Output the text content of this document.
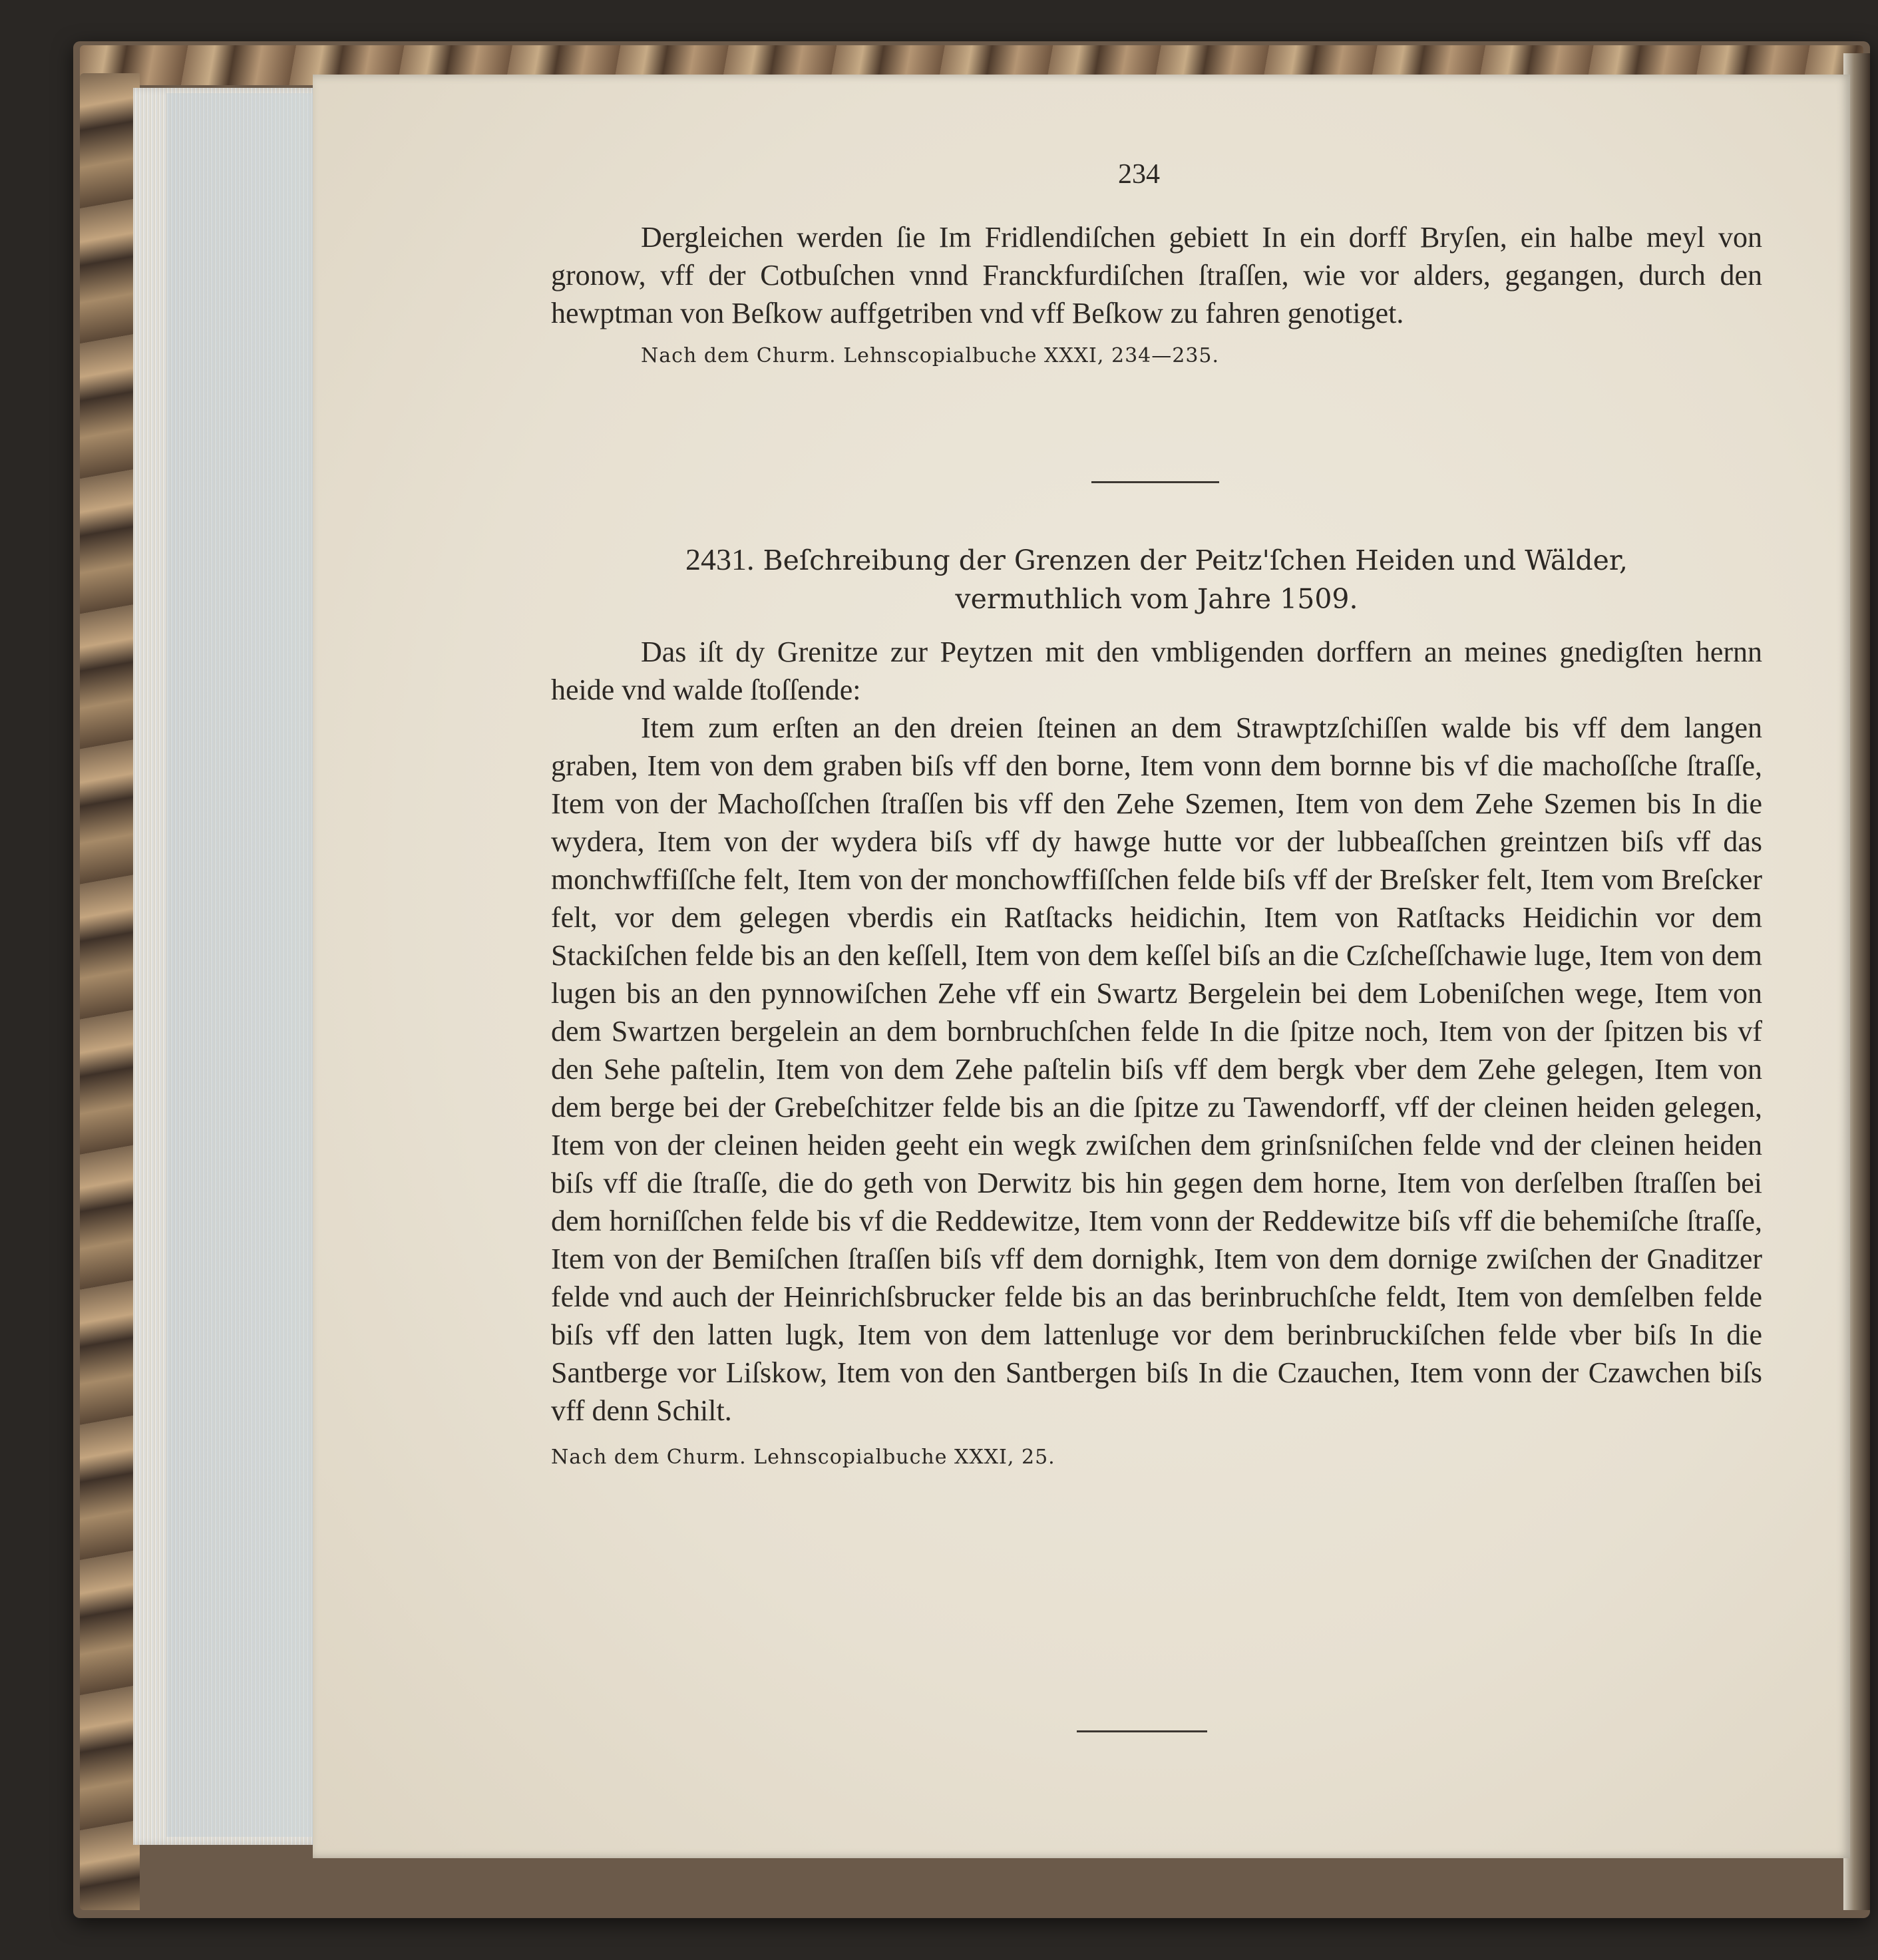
234

Dergleichen werden ſie Im Fridlendiſchen gebiett In ein dorff Bryſen, ein halbe meyl von gronow, vff der Cotbuſchen vnnd Franckfurdiſchen ſtraſſen, wie vor alders, gegangen, durch den hewptman von Beſkow auffgetriben vnd vff Beſkow zu fahren genotiget.

Nach dem Churm. Lehnscopialbuche XXXI, 234—235.

2431. Beſchreibung der Grenzen der Peitz'ſchen Heiden und Wälder,

vermuthlich vom Jahre 1509.

Das iſt dy Grenitze zur Peytzen mit den vmbligenden dorffern an meines gnedigſten hernn heide vnd walde ſtoſſende:

Item zum erſten an den dreien ſteinen an dem Strawptzſchiſſen walde bis vff dem langen graben, Item von dem graben biſs vff den borne, Item vonn dem bornne bis vf die machoſſche ſtraſſe, Item von der Machoſſchen ſtraſſen bis vff den Zehe Szemen, Item von dem Zehe Szemen bis In die wydera, Item von der wydera biſs vff dy hawge hutte vor der lubbeaſſchen greintzen biſs vff das monchwffiſſche felt, Item von der monchowffiſſchen felde biſs vff der Breſsker felt, Item vom Breſcker felt, vor dem gelegen vberdis ein Ratſtacks heidichin, Item von Ratſtacks Heidichin vor dem Stackiſchen felde bis an den keſſell, Item von dem keſſel biſs an die Czſcheſſchawie luge, Item von dem lugen bis an den pynnowiſchen Zehe vff ein Swartz Bergelein bei dem Lobeniſchen wege, Item von dem Swartzen bergelein an dem bornbruchſchen felde In die ſpitze noch, Item von der ſpitzen bis vf den Sehe paſtelin, Item von dem Zehe paſtelin biſs vff dem bergk vber dem Zehe gelegen, Item von dem berge bei der Grebeſchitzer felde bis an die ſpitze zu Tawendorff, vff der cleinen heiden gelegen, Item von der cleinen heiden geeht ein wegk zwiſchen dem grinſsniſchen felde vnd der cleinen heiden biſs vff die ſtraſſe, die do geth von Derwitz bis hin gegen dem horne, Item von derſelben ſtraſſen bei dem horniſſchen felde bis vf die Reddewitze, Item vonn der Reddewitze biſs vff die behemiſche ſtraſſe, Item von der Bemiſchen ſtraſſen biſs vff dem dornighk, Item von dem dornige zwiſchen der Gnaditzer felde vnd auch der Heinrichſsbrucker felde bis an das berinbruchſche feldt, Item von demſelben felde biſs vff den latten lugk, Item von dem lattenluge vor dem berinbruckiſchen felde vber biſs In die Santberge vor Liſskow, Item von den Santbergen biſs In die Czauchen, Item vonn der Czawchen biſs vff denn Schilt.

Nach dem Churm. Lehnscopialbuche XXXI, 25.
